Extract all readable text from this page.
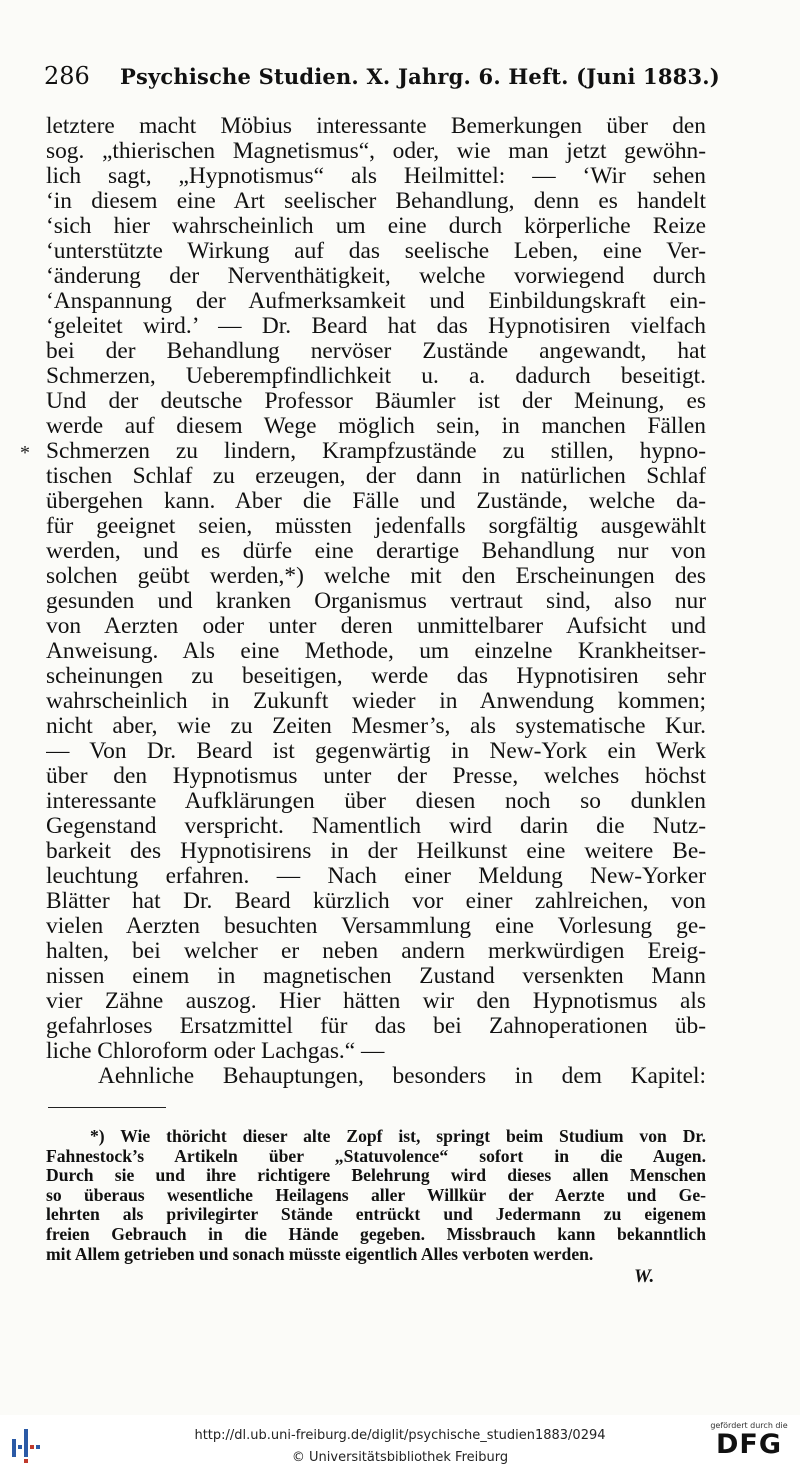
286 Psychische Studien. X. Jahrg. 6. Heft. (Juni 1883.)
*
letztere macht Möbius interessante Bemerkungen über den
sog. „thierischen Magnetismus“, oder, wie man jetzt gewöhn-
lich sagt, „Hypnotismus“ als Heilmittel: — ‘Wir sehen
‘in diesem eine Art seelischer Behandlung, denn es handelt
‘sich hier wahrscheinlich um eine durch körperliche Reize
‘unterstützte Wirkung auf das seelische Leben, eine Ver-
‘änderung der Nerventhätigkeit, welche vorwiegend durch
‘Anspannung der Aufmerksamkeit und Einbildungskraft ein-
‘geleitet wird.’ — Dr. Beard hat das Hypnotisiren vielfach
bei der Behandlung nervöser Zustände angewandt, hat
Schmerzen, Ueberempfindlichkeit u. a. dadurch beseitigt.
Und der deutsche Professor Bäumler ist der Meinung, es
werde auf diesem Wege möglich sein, in manchen Fällen
Schmerzen zu lindern, Krampfzustände zu stillen, hypno-
tischen Schlaf zu erzeugen, der dann in natürlichen Schlaf
übergehen kann. Aber die Fälle und Zustände, welche da-
für geeignet seien, müssten jedenfalls sorgfältig ausgewählt
werden, und es dürfe eine derartige Behandlung nur von
solchen geübt werden,*) welche mit den Erscheinungen des
gesunden und kranken Organismus vertraut sind, also nur
von Aerzten oder unter deren unmittelbarer Aufsicht und
Anweisung. Als eine Methode, um einzelne Krankheitser-
scheinungen zu beseitigen, werde das Hypnotisiren sehr
wahrscheinlich in Zukunft wieder in Anwendung kommen;
nicht aber, wie zu Zeiten Mesmer’s, als systematische Kur.
— Von Dr. Beard ist gegenwärtig in New-York ein Werk
über den Hypnotismus unter der Presse, welches höchst
interessante Aufklärungen über diesen noch so dunklen
Gegenstand verspricht. Namentlich wird darin die Nutz-
barkeit des Hypnotisirens in der Heilkunst eine weitere Be-
leuchtung erfahren. — Nach einer Meldung New-Yorker
Blätter hat Dr. Beard kürzlich vor einer zahlreichen, von
vielen Aerzten besuchten Versammlung eine Vorlesung ge-
halten, bei welcher er neben andern merkwürdigen Ereig-
nissen einem in magnetischen Zustand versenkten Mann
vier Zähne auszog. Hier hätten wir den Hypnotismus als
gefahrloses Ersatzmittel für das bei Zahnoperationen üb-
liche Chloroform oder Lachgas.“ —
Aehnliche Behauptungen, besonders in dem Kapitel:
*) Wie thöricht dieser alte Zopf ist, springt beim Studium von Dr.
Fahnestock’s Artikeln über „Statuvolence“ sofort in die Augen.
Durch sie und ihre richtigere Belehrung wird dieses allen Menschen
so überaus wesentliche Heilagens aller Willkür der Aerzte und Ge-
lehrten als privilegirter Stände entrückt und Jedermann zu eigenem
freien Gebrauch in die Hände gegeben. Missbrauch kann bekanntlich
mit Allem getrieben und sonach müsste eigentlich Alles verboten werden.
W.
http://dl.ub.uni-freiburg.de/diglit/psychische_studien1883/0294
© Universitätsbibliothek Freiburg
gefördert durch die
DFG
